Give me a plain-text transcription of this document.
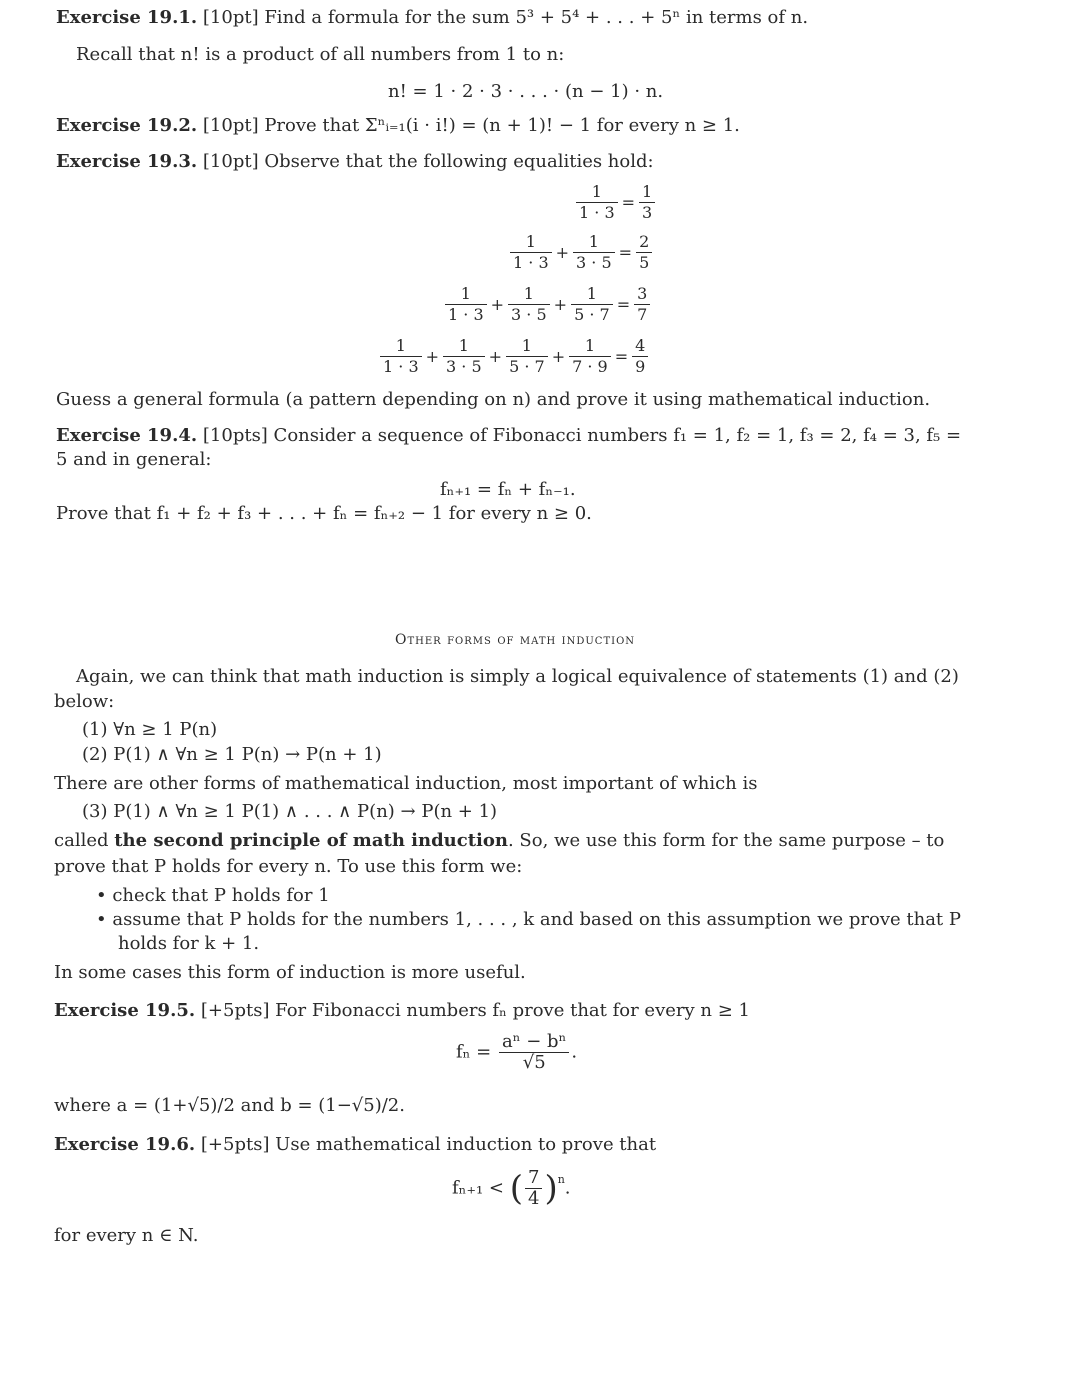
Exercise 19.1. [10pt] Find a formula for the sum 5³ + 5⁴ + . . . + 5ⁿ in terms of n.
Recall that n! is a product of all numbers from 1 to n:
n! = 1 · 2 · 3 · . . . · (n − 1) · n.
Exercise 19.2. [10pt] Prove that Σⁿᵢ₌₁(i · i!) = (n + 1)! − 1 for every n ≥ 1.
Exercise 19.3. [10pt] Observe that the following equalities hold:
$\frac{1}{1 \cdot 3} = \frac{1}{3}$
$\frac{1}{1 \cdot 3} + \frac{1}{3 \cdot 5} = \frac{2}{5}$
$\frac{1}{1 \cdot 3} + \frac{1}{3 \cdot 5} + \frac{1}{5 \cdot 7} = \frac{3}{7}$
$\frac{1}{1 \cdot 3} + \frac{1}{3 \cdot 5} + \frac{1}{5 \cdot 7} + \frac{1}{7 \cdot 9} = \frac{4}{9}$
Guess a general formula (a pattern depending on n) and prove it using mathematical induction.
Exercise 19.4. [10pts] Consider a sequence of Fibonacci numbers f₁ = 1, f₂ = 1, f₃ = 2, f₄ = 3, f₅ =
5 and in general:
fₙ₊₁ = fₙ + fₙ₋₁.
Prove that f₁ + f₂ + f₃ + . . . + fₙ = fₙ₊₂ − 1 for every n ≥ 0.
Other forms of math induction
Again, we can think that math induction is simply a logical equivalence of statements (1) and (2)
below:
(1) ∀n ≥ 1 P(n)
(2) P(1) ∧ ∀n ≥ 1 P(n) → P(n + 1)
There are other forms of mathematical induction, most important of which is
(3) P(1) ∧ ∀n ≥ 1 P(1) ∧ . . . ∧ P(n) → P(n + 1)
called the second principle of math induction. So, we use this form for the same purpose – to
prove that P holds for every n. To use this form we:
• check that P holds for 1
• assume that P holds for the numbers 1, . . . , k and based on this assumption we prove that P
holds for k + 1.
In some cases this form of induction is more useful.
Exercise 19.5. [+5pts] For Fibonacci numbers fₙ prove that for every n ≥ 1
$f_n = \frac{\text{aⁿ − bⁿ}}{√5}$ .
where a = (1+√5)/2 and b = (1−√5)/2.
Exercise 19.6. [+5pts] Use mathematical induction to prove that
fₙ₊₁ < ( $\frac{7}{4} )^n$.
for every n ∈ N.
